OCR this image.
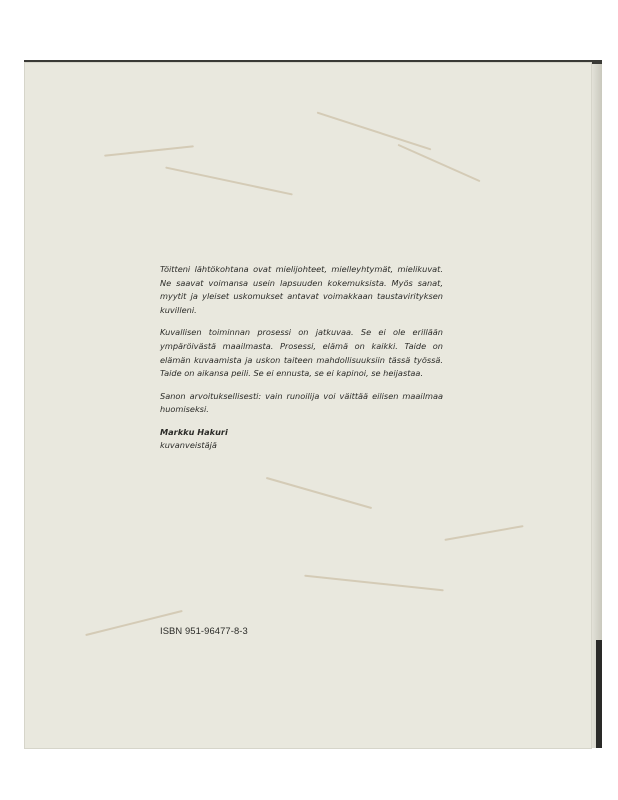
Töitteni lähtökohtana ovat mielijohteet, mielleyhtymät, mielikuvat. Ne saavat voimansa usein lapsuuden kokemuksista. Myös sanat, myytit ja yleiset uskomukset antavat voimakkaan taustavirityksen kuvilleni.

Kuvallisen toiminnan prosessi on jatkuvaa. Se ei ole erillään ympäröivästä maailmasta. Prosessi, elämä on kaikki. Taide on elämän kuvaamista ja uskon taiteen mahdollisuuksiin tässä työssä. Taide on aikansa peili. Se ei ennusta, se ei kapinoi, se heijastaa.

Sanon arvoituksellisesti: vain runoilija voi väittää eilisen maailmaa huomiseksi.

Markku Hakuri
kuvanveistäjä
ISBN 951-96477-8-3
